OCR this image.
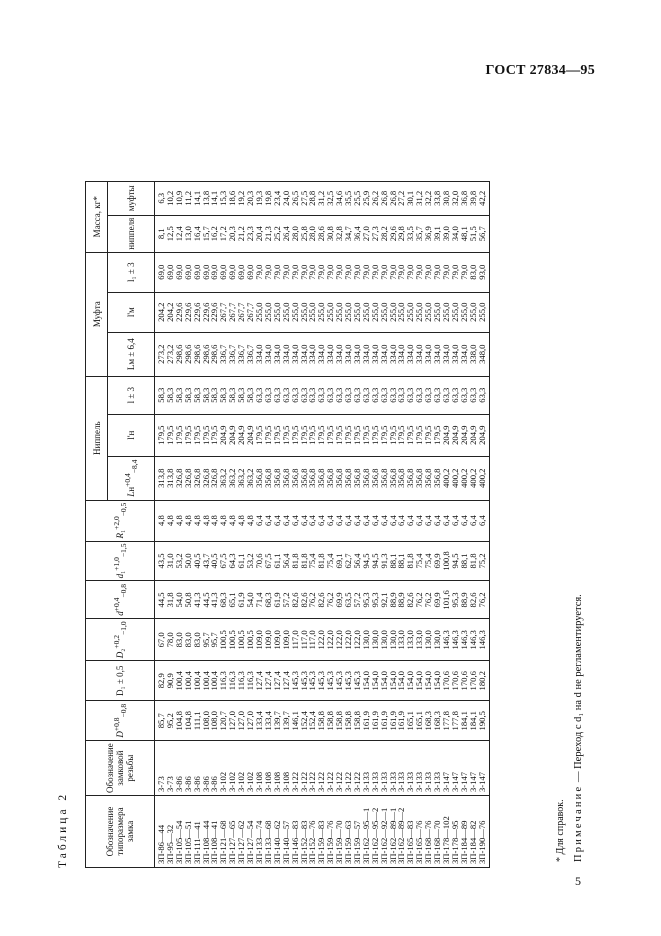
ГОСТ 27834—95
Таблица 2	Обозначение типоразмера замка	Обозначение замковой резьбы	$D^{+0,8}_{-0,8}$	D₁ ± 0,5	D₂$^{+0,2}_{-1,0}$	$d^{+0,4}_{-0,8}$	d₁$^{+1,0}_{-1,5}$	R₁$^{+2,0}_{-0,5}$	Ниппель			Муфта			Масса, кг*	
								$Lн^{+0,4}_{-8,4}$	l'н	l ± 3	Lм ± 6,4	l'м	l₁ ± 3	ниппеля	муфты
ЗП-86—44	З-73	85,7	82,9	67,0	44,5	43,5	4,8	313,8	179,5	58,3	273,2	204,2	69,0	8,1	6,3
ЗП-95—32	З-73	95,2	90,9	78,0	31,8	31,0	4,8	313,8	179,5	58,3	273,2	204,2	69,0	12,5	10,2
ЗП-105—54	З-86	104,8	100,4	83,0	54,0	53,2	4,8	326,8	179,5	58,3	298,6	229,6	69,0	12,4	10,9
ЗП-105—51	З-86	104,8	100,4	83,0	50,8	50,0	4,8	326,8	179,5	58,3	298,6	229,6	69,0	13,0	11,2
ЗП-111—41	З-86	111,1	100,4	83,0	41,3	40,5	4,8	326,8	179,5	58,3	298,6	229,6	69,0	16,4	14,1
ЗП-108—44	З-86	108,0	100,4	95,7	44,5	43,7	4,8	326,8	179,5	58,3	298,6	229,6	69,0	15,7	13,8
ЗП-108—41	З-86	108,0	100,4	95,7	41,3	40,5	4,8	326,8	179,5	58,3	298,6	229,6	69,0	16,2	14,1
ЗП-121—68	З-102	120,7	116,3	100,5	68,3	67,5	4,8	363,2	204,9	58,3	336,7	267,7	69,0	17,2	15,3
ЗП-127—65	З-102	127,0	116,3	100,5	65,1	64,3	4,8	363,2	204,9	58,3	336,7	267,7	69,0	20,3	18,6
ЗП-127—62	З-102	127,0	116,3	100,5	61,9	61,1	4,8	363,2	204,9	58,3	336,7	267,7	69,0	21,2	19,2
ЗП-127—54	З-102	127,0	116,3	100,5	54,0	53,2	4,8	363,2	204,9	58,3	336,7	267,7	69,0	23,3	20,3
ЗП-133—74	З-108	133,4	127,4	109,0	71,4	70,6	6,4	356,8	179,5	63,3	334,0	255,0	79,0	20,4	19,3
ЗП-133—68	З-108	133,4	127,4	109,0	68,3	67,5	6,4	356,8	179,5	63,3	334,0	255,0	79,0	21,3	19,8
ЗП-140—62	З-108	139,7	127,4	109,0	61,9	61,1	6,4	356,8	179,5	63,3	334,0	255,0	79,0	25,2	23,4
ЗП-140—57	З-108	139,7	127,4	109,0	57,2	56,4	6,4	356,8	179,5	63,3	334,0	255,0	79,0	26,4	24,0
ЗП-146—83	З-122	146,1	145,3	117,0	82,6	81,8	6,4	356,8	179,5	63,3	334,0	255,0	79,0	28,0	26,5
ЗП-152—83	З-122	152,4	145,3	117,0	82,6	81,8	6,4	356,8	179,5	63,3	334,0	255,0	79,0	25,8	27,5
ЗП-152—76	З-122	152,4	145,3	117,0	76,2	75,4	6,4	356,8	179,5	63,3	334,0	255,0	79,0	28,0	28,8
ЗП-159—83	З-122	158,8	145,3	122,0	82,6	81,8	6,4	356,8	179,5	63,3	334,0	255,0	79,0	28,6	31,2
ЗП-159—76	З-122	158,8	145,3	122,0	76,2	75,4	6,4	356,8	179,5	63,3	334,0	255,0	79,0	30,8	32,5
ЗП-159—70	З-122	158,8	145,3	122,0	69,9	69,1	6,4	356,8	179,5	63,3	334,0	255,0	79,0	32,8	34,6
ЗП-159—63	З-122	158,8	145,3	122,0	63,5	62,7	6,4	356,8	179,5	63,3	334,0	255,0	79,0	34,7	35,5
ЗП-159—57	З-122	158,8	145,3	122,0	57,2	56,4	6,4	356,8	179,5	63,3	334,0	255,0	79,0	36,4	25,5
ЗП-162—95—1	З-133	161,9	154,0	130,0	95,3	94,5	6,4	356,8	179,5	63,3	334,0	255,0	79,0	27,0	25,9
ЗП-162—95—2	З-133	161,9	154,0	130,0	95,3	94,5	6,4	356,8	179,5	63,3	334,0	255,0	79,0	27,3	26,2
ЗП-162—92—1	З-133	161,9	154,0	130,0	92,1	91,3	6,4	356,8	179,5	63,3	334,0	255,0	79,0	28,2	26,8
ЗП-162—89—1	З-133	161,9	154,0	130,0	88,9	88,1	6,4	356,8	179,5	63,3	334,0	255,0	79,0	29,6	26,8
ЗП-162—89—2	З-133	161,9	154,0	133,0	88,9	88,1	6,4	356,8	179,5	63,3	334,0	255,0	79,0	29,8	27,2
ЗП-165—83	З-133	165,1	154,0	133,0	82,6	81,8	6,4	356,8	179,5	63,3	334,0	255,0	79,0	33,5	30,1
ЗП-165—76	З-133	165,1	154,0	133,0	76,2	75,4	6,4	356,8	179,5	63,3	334,0	255,0	79,0	35,7	31,2
ЗП-168—76	З-133	168,3	154,0	130,0	76,2	75,4	6,4	356,8	179,5	63,3	334,0	255,0	79,0	36,9	32,2
ЗП-168—70	З-133	168,3	154,0	130,0	69,9	69,9	6,4	356,8	179,5	63,3	334,0	255,0	79,0	39,1	33,8
ЗП-178—102	З-147	177,8	170,6	146,3	101,6	100,8	6,4	400,2	204,9	63,3	334,0	255,0	79,0	39,0	30,8
ЗП-178—95	З-147	177,8	170,6	146,3	95,3	94,5	6,4	400,2	204,9	63,3	334,0	255,0	79,0	34,0	32,0
ЗП-184—89	З-147	184,1	170,6	146,3	88,9	88,1	6,4	400,2	204,9	63,3	334,0	255,0	79,0	48,1	36,8
ЗП-184—82	З-147	184,1	170,6	146,3	82,6	81,8	6,4	400,2	204,9	63,3	338,0	255,0	83,0	51,5	39,8
ЗП-190—76	З-147	190,5	180,2	146,3	76,2	75,2	6,4	400,2	204,9	63,3	348,0	255,0	93,0	56,7	42,2
* Для справок. Примечание — Переход с d₁ на d не регламентируется.
5
